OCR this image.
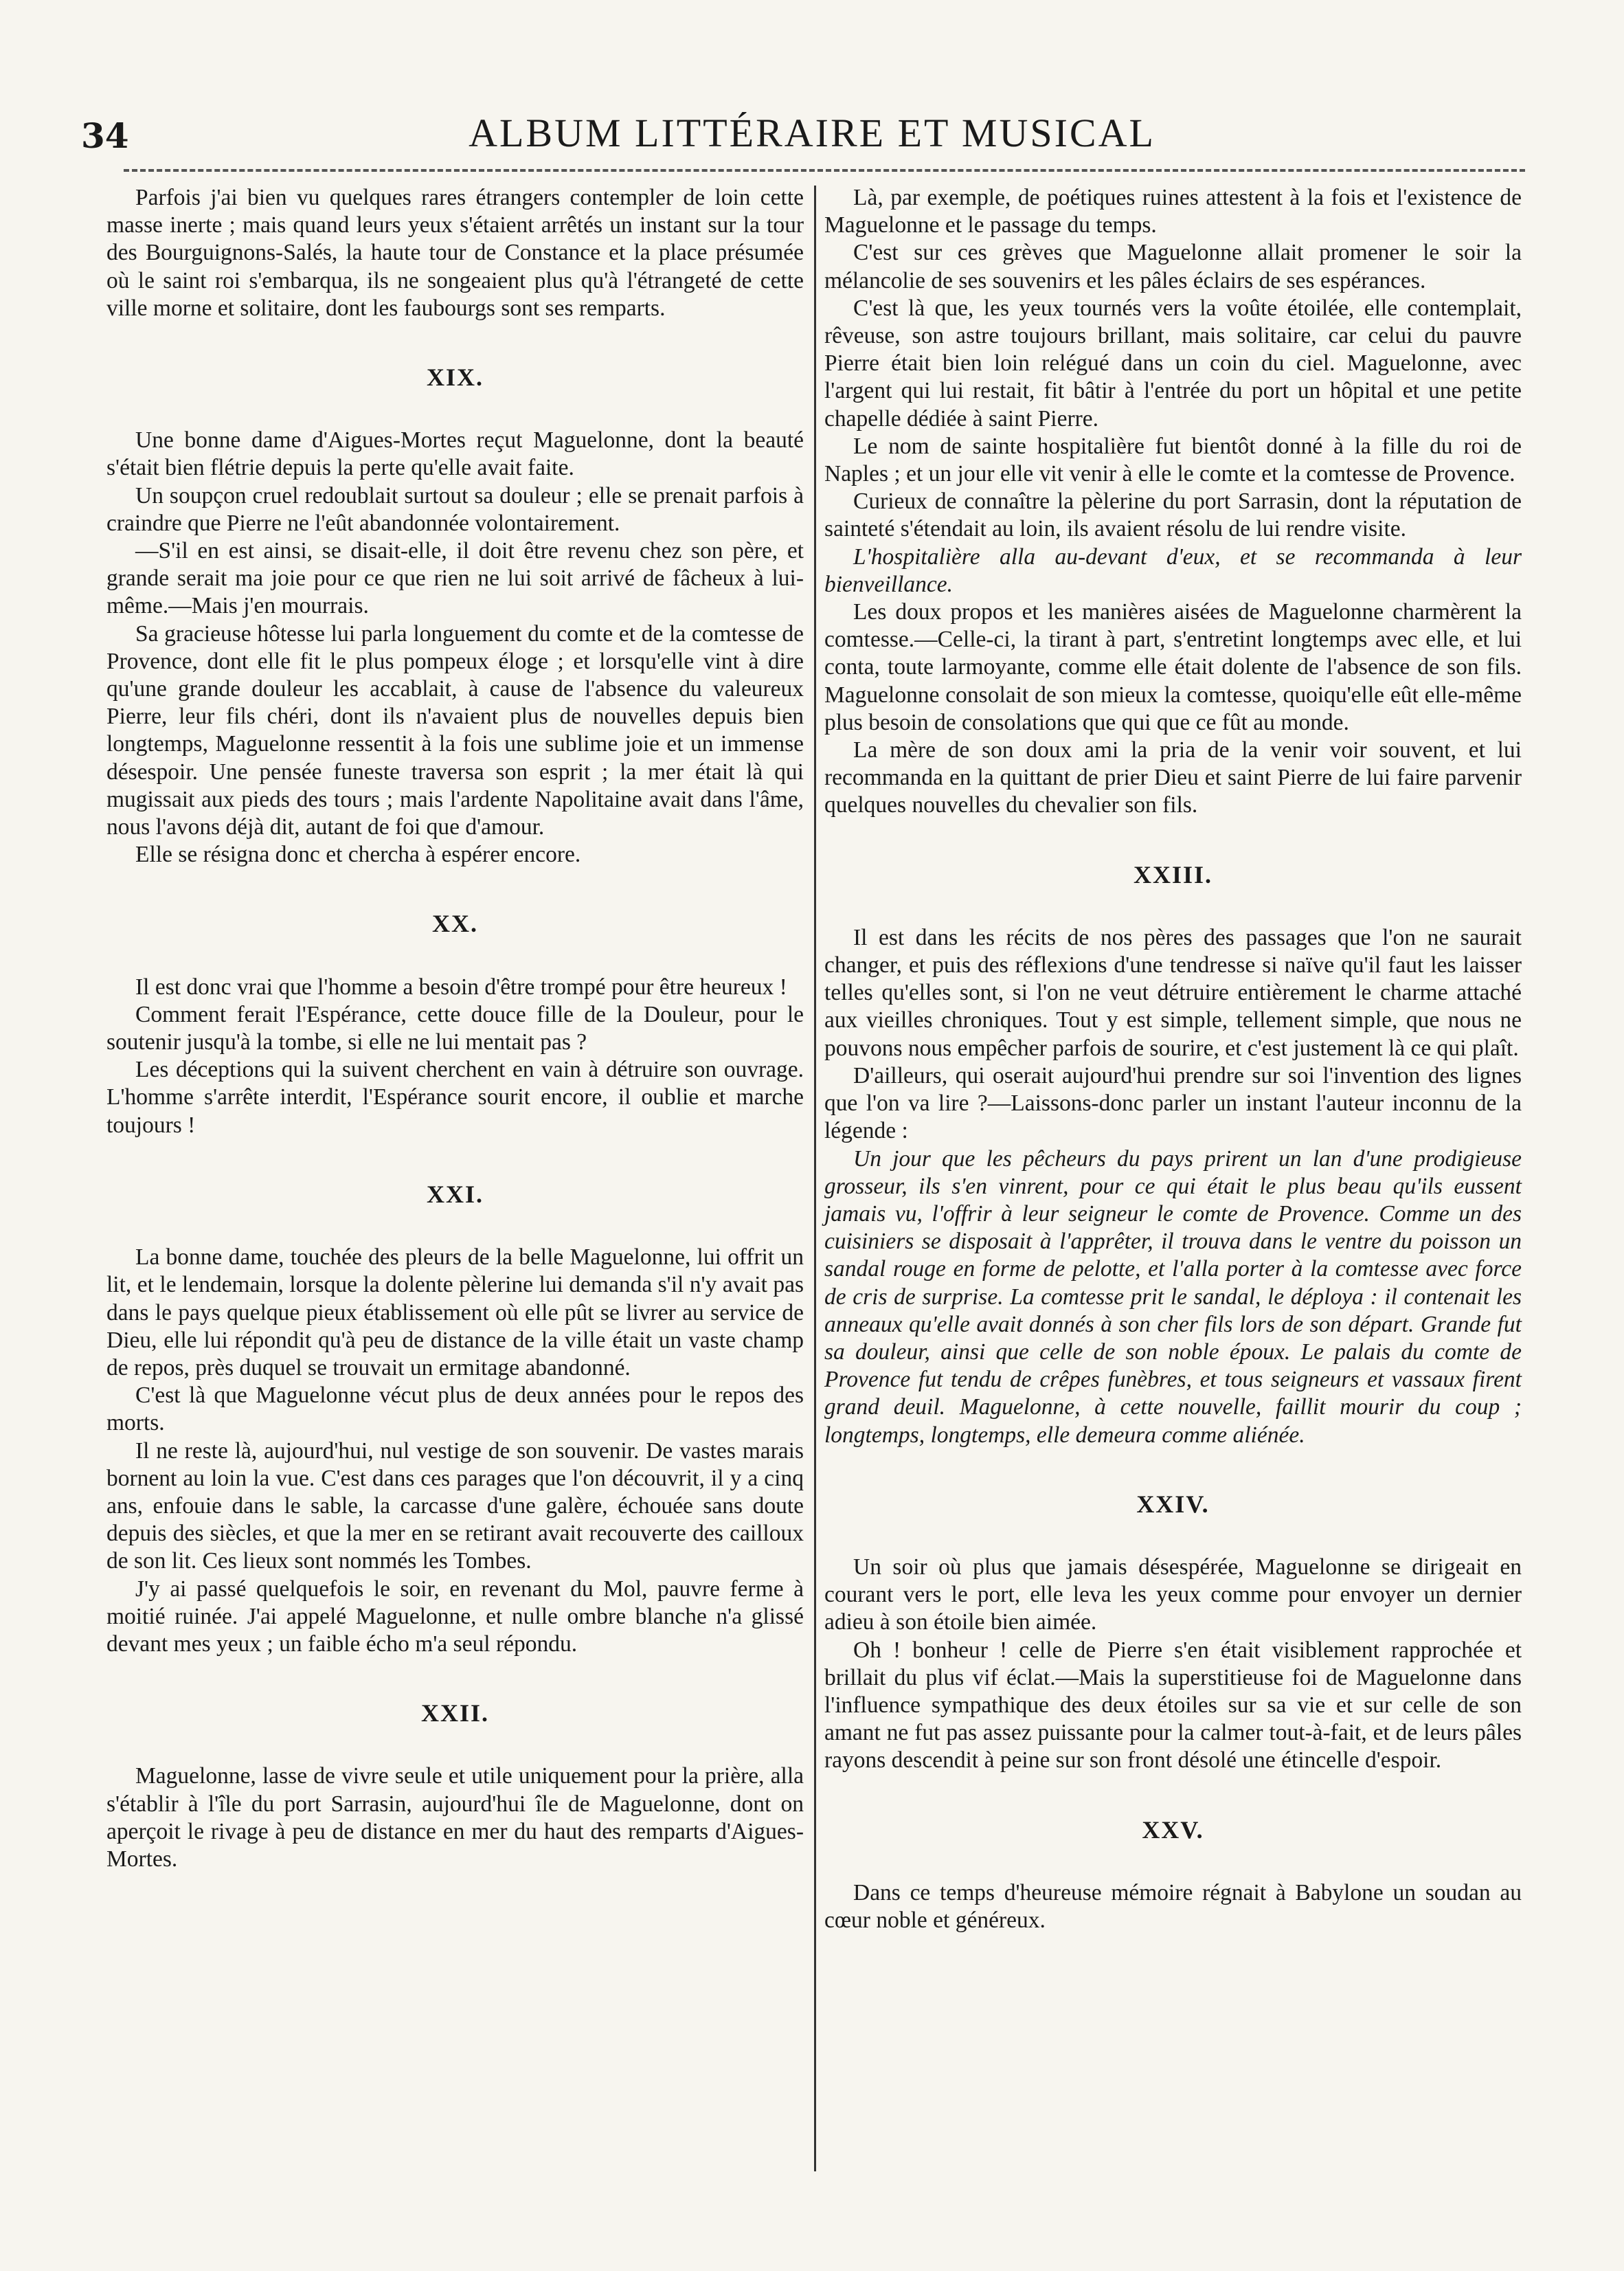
34	ALBUM LITTÉRAIRE ET MUSICAL

Parfois j'ai bien vu quelques rares étrangers contempler de loin cette masse inerte ; mais quand leurs yeux s'étaient arrêtés un instant sur la tour des Bourguignons-Salés, la haute tour de Constance et la place présumée où le saint roi s'embarqua, ils ne songeaient plus qu'à l'étrangeté de cette ville morne et solitaire, dont les faubourgs sont ses remparts.

XIX.

Une bonne dame d'Aigues-Mortes reçut Maguelonne, dont la beauté s'était bien flétrie depuis la perte qu'elle avait faite.

Un soupçon cruel redoublait surtout sa douleur ; elle se prenait parfois à craindre que Pierre ne l'eût abandonnée volontairement.

—S'il en est ainsi, se disait-elle, il doit être revenu chez son père, et grande serait ma joie pour ce que rien ne lui soit arrivé de fâcheux à lui-même.—Mais j'en mourrais.

Sa gracieuse hôtesse lui parla longuement du comte et de la comtesse de Provence, dont elle fit le plus pompeux éloge ; et lorsqu'elle vint à dire qu'une grande douleur les accablait, à cause de l'absence du valeureux Pierre, leur fils chéri, dont ils n'avaient plus de nouvelles depuis bien longtemps, Maguelonne ressentit à la fois une sublime joie et un immense désespoir. Une pensée funeste traversa son esprit ; la mer était là qui mugissait aux pieds des tours ; mais l'ardente Napolitaine avait dans l'âme, nous l'avons déjà dit, autant de foi que d'amour.

Elle se résigna donc et chercha à espérer encore.

XX.

Il est donc vrai que l'homme a besoin d'être trompé pour être heureux !

Comment ferait l'Espérance, cette douce fille de la Douleur, pour le soutenir jusqu'à la tombe, si elle ne lui mentait pas ?

Les déceptions qui la suivent cherchent en vain à détruire son ouvrage. L'homme s'arrête interdit, l'Espérance sourit encore, il oublie et marche toujours !

XXI.

La bonne dame, touchée des pleurs de la belle Maguelonne, lui offrit un lit, et le lendemain, lorsque la dolente pèlerine lui demanda s'il n'y avait pas dans le pays quelque pieux établissement où elle pût se livrer au service de Dieu, elle lui répondit qu'à peu de distance de la ville était un vaste champ de repos, près duquel se trouvait un ermitage abandonné.

C'est là que Maguelonne vécut plus de deux années pour le repos des morts.

Il ne reste là, aujourd'hui, nul vestige de son souvenir. De vastes marais bornent au loin la vue. C'est dans ces parages que l'on découvrit, il y a cinq ans, enfouie dans le sable, la carcasse d'une galère, échouée sans doute depuis des siècles, et que la mer en se retirant avait recouverte des cailloux de son lit. Ces lieux sont nommés les Tombes.

J'y ai passé quelquefois le soir, en revenant du Mol, pauvre ferme à moitié ruinée. J'ai appelé Maguelonne, et nulle ombre blanche n'a glissé devant mes yeux ; un faible écho m'a seul répondu.

XXII.

Maguelonne, lasse de vivre seule et utile uniquement pour la prière, alla s'établir à l'île du port Sarrasin, aujourd'hui île de Maguelonne, dont on aperçoit le rivage à peu de distance en mer du haut des remparts d'Aigues-Mortes.

Là, par exemple, de poétiques ruines attestent à la fois et l'existence de Maguelonne et le passage du temps.

C'est sur ces grèves que Maguelonne allait promener le soir la mélancolie de ses souvenirs et les pâles éclairs de ses espérances.

C'est là que, les yeux tournés vers la voûte étoilée, elle contemplait, rêveuse, son astre toujours brillant, mais solitaire, car celui du pauvre Pierre était bien loin relégué dans un coin du ciel. Maguelonne, avec l'argent qui lui restait, fit bâtir à l'entrée du port un hôpital et une petite chapelle dédiée à saint Pierre.

Le nom de sainte hospitalière fut bientôt donné à la fille du roi de Naples ; et un jour elle vit venir à elle le comte et la comtesse de Provence.

Curieux de connaître la pèlerine du port Sarrasin, dont la réputation de sainteté s'étendait au loin, ils avaient résolu de lui rendre visite.

L'hospitalière alla au-devant d'eux, et se recommanda à leur bienveillance.

Les doux propos et les manières aisées de Maguelonne charmèrent la comtesse.—Celle-ci, la tirant à part, s'entretint longtemps avec elle, et lui conta, toute larmoyante, comme elle était dolente de l'absence de son fils. Maguelonne consolait de son mieux la comtesse, quoiqu'elle eût elle-même plus besoin de consolations que qui que ce fût au monde.

La mère de son doux ami la pria de la venir voir souvent, et lui recommanda en la quittant de prier Dieu et saint Pierre de lui faire parvenir quelques nouvelles du chevalier son fils.

XXIII.

Il est dans les récits de nos pères des passages que l'on ne saurait changer, et puis des réflexions d'une tendresse si naïve qu'il faut les laisser telles qu'elles sont, si l'on ne veut détruire entièrement le charme attaché aux vieilles chroniques. Tout y est simple, tellement simple, que nous ne pouvons nous empêcher parfois de sourire, et c'est justement là ce qui plaît.

D'ailleurs, qui oserait aujourd'hui prendre sur soi l'invention des lignes que l'on va lire ?—Laissons-donc parler un instant l'auteur inconnu de la légende :

Un jour que les pêcheurs du pays prirent un lan d'une prodigieuse grosseur, ils s'en vinrent, pour ce qui était le plus beau qu'ils eussent jamais vu, l'offrir à leur seigneur le comte de Provence. Comme un des cuisiniers se disposait à l'apprêter, il trouva dans le ventre du poisson un sandal rouge en forme de pelotte, et l'alla porter à la comtesse avec force de cris de surprise. La comtesse prit le sandal, le déploya : il contenait les anneaux qu'elle avait donnés à son cher fils lors de son départ. Grande fut sa douleur, ainsi que celle de son noble époux. Le palais du comte de Provence fut tendu de crêpes funèbres, et tous seigneurs et vassaux firent grand deuil. Maguelonne, à cette nouvelle, faillit mourir du coup ; longtemps, longtemps, elle demeura comme aliénée.

XXIV.

Un soir où plus que jamais désespérée, Maguelonne se dirigeait en courant vers le port, elle leva les yeux comme pour envoyer un dernier adieu à son étoile bien aimée.

Oh ! bonheur ! celle de Pierre s'en était visiblement rapprochée et brillait du plus vif éclat.—Mais la superstitieuse foi de Maguelonne dans l'influence sympathique des deux étoiles sur sa vie et sur celle de son amant ne fut pas assez puissante pour la calmer tout-à-fait, et de leurs pâles rayons descendit à peine sur son front désolé une étincelle d'espoir.

XXV.

Dans ce temps d'heureuse mémoire régnait à Babylone un soudan au cœur noble et généreux.
